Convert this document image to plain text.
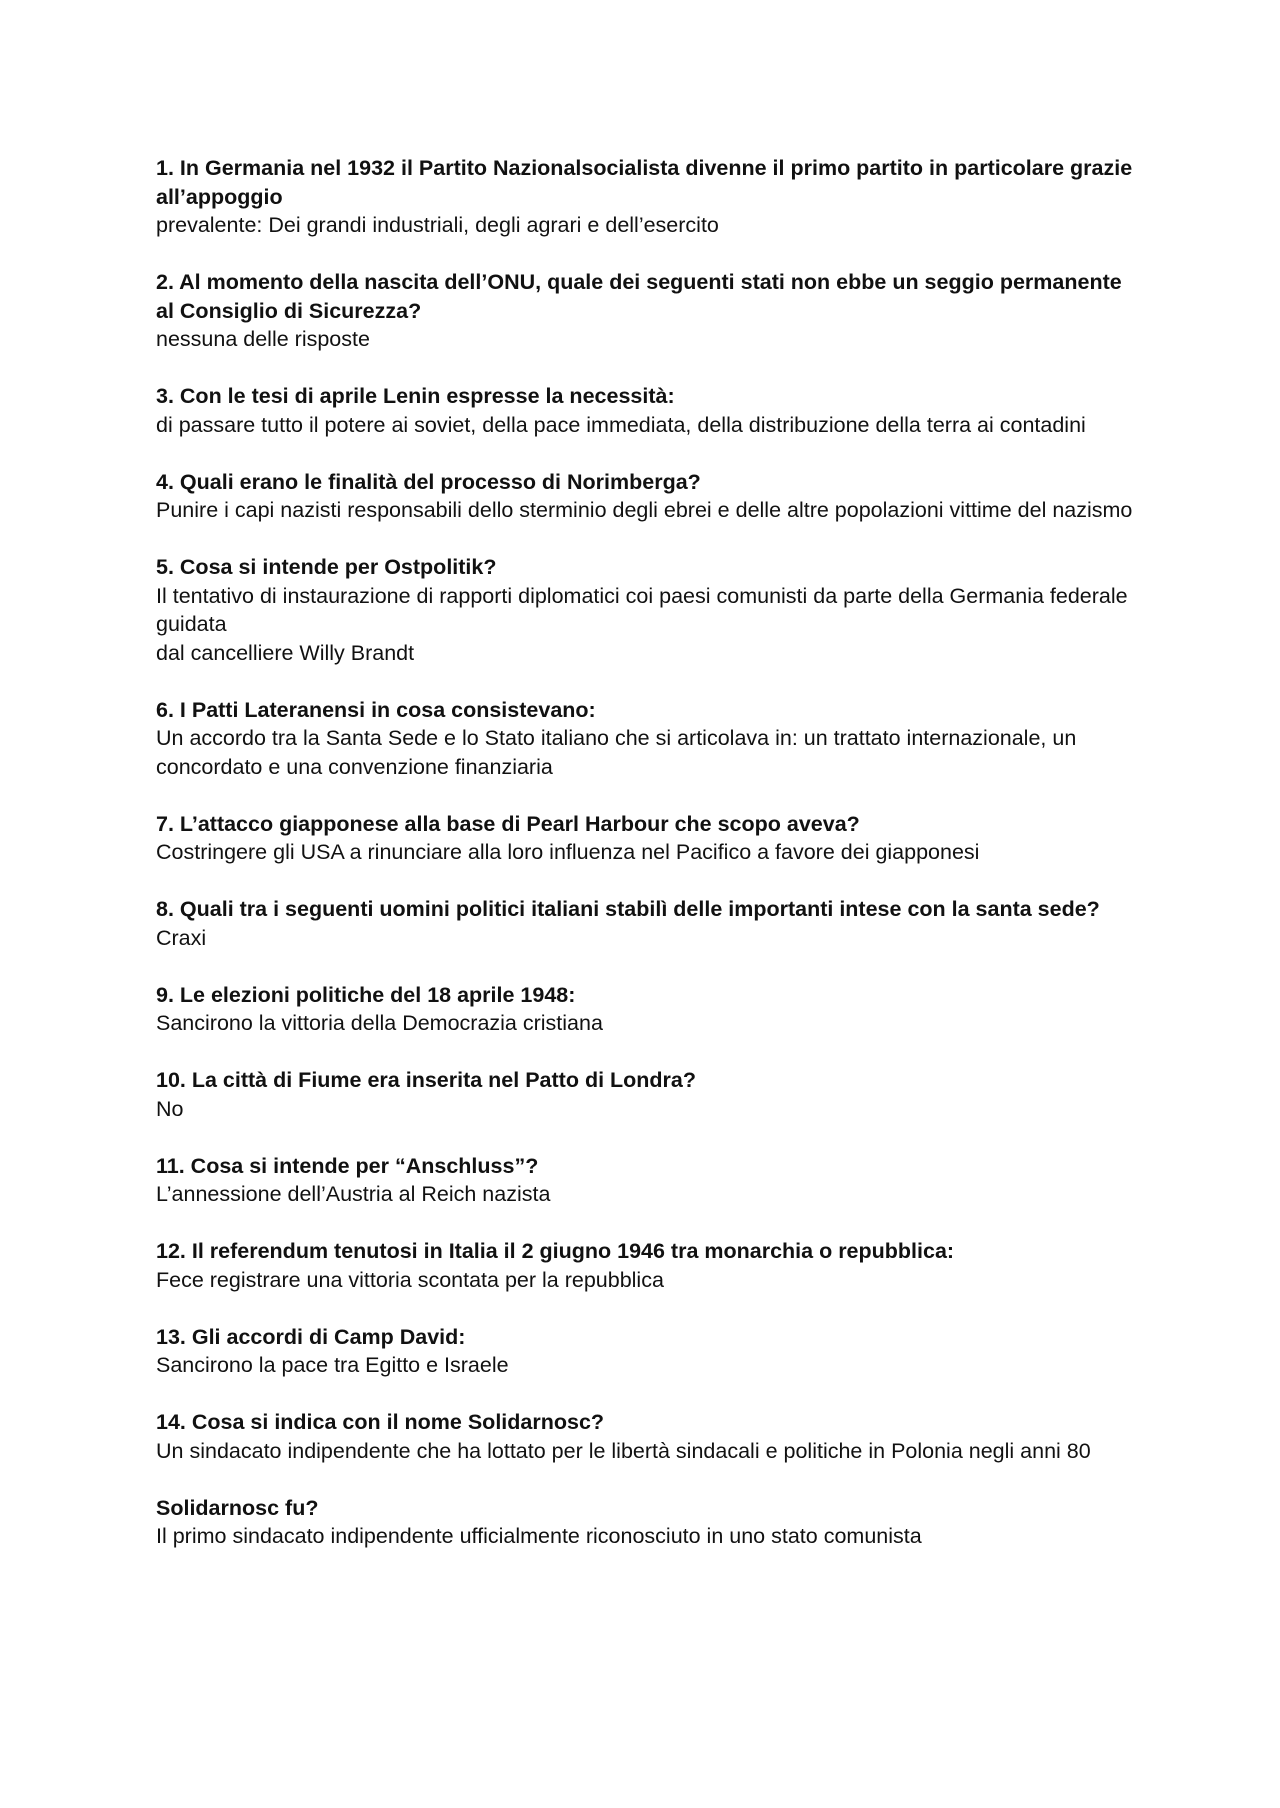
1. In Germania nel 1932 il Partito Nazionalsocialista divenne il primo partito in particolare grazie all’appoggio

prevalente: Dei grandi industriali, degli agrari e dell’esercito

2. Al momento della nascita dell’ONU, quale dei seguenti stati non ebbe un seggio permanente al Consiglio di Sicurezza?

nessuna delle risposte

3. Con le tesi di aprile Lenin espresse la necessità:

di passare tutto il potere ai soviet, della pace immediata, della distribuzione della terra ai contadini

4. Quali erano le finalità del processo di Norimberga?

Punire i capi nazisti responsabili dello sterminio degli ebrei e delle altre popolazioni vittime del nazismo

5. Cosa si intende per Ostpolitik?

Il tentativo di instaurazione di rapporti diplomatici coi paesi comunisti da parte della Germania federale guidata
dal cancelliere Willy Brandt

6. I Patti Lateranensi in cosa consistevano:

Un accordo tra la Santa Sede e lo Stato italiano che si articolava in: un trattato internazionale, un concordato e una convenzione finanziaria

7. L’attacco giapponese alla base di Pearl Harbour che scopo aveva?

Costringere gli USA a rinunciare alla loro influenza nel Pacifico a favore dei giapponesi

8. Quali tra i seguenti uomini politici italiani stabilì delle importanti intese con la santa sede?

Craxi

9. Le elezioni politiche del 18 aprile 1948:

Sancirono la vittoria della Democrazia cristiana

10. La città di Fiume era inserita nel Patto di Londra?

No

11. Cosa si intende per “Anschluss”?

L’annessione dell’Austria al Reich nazista

12. Il referendum tenutosi in Italia il 2 giugno 1946 tra monarchia o repubblica:

Fece registrare una vittoria scontata per la repubblica

13. Gli accordi di Camp David:

Sancirono la pace tra Egitto e Israele

14. Cosa si indica con il nome Solidarnosc?

Un sindacato indipendente che ha lottato per le libertà sindacali e politiche in Polonia negli anni 80

Solidarnosc fu?

Il primo sindacato indipendente ufficialmente riconosciuto in uno stato comunista
